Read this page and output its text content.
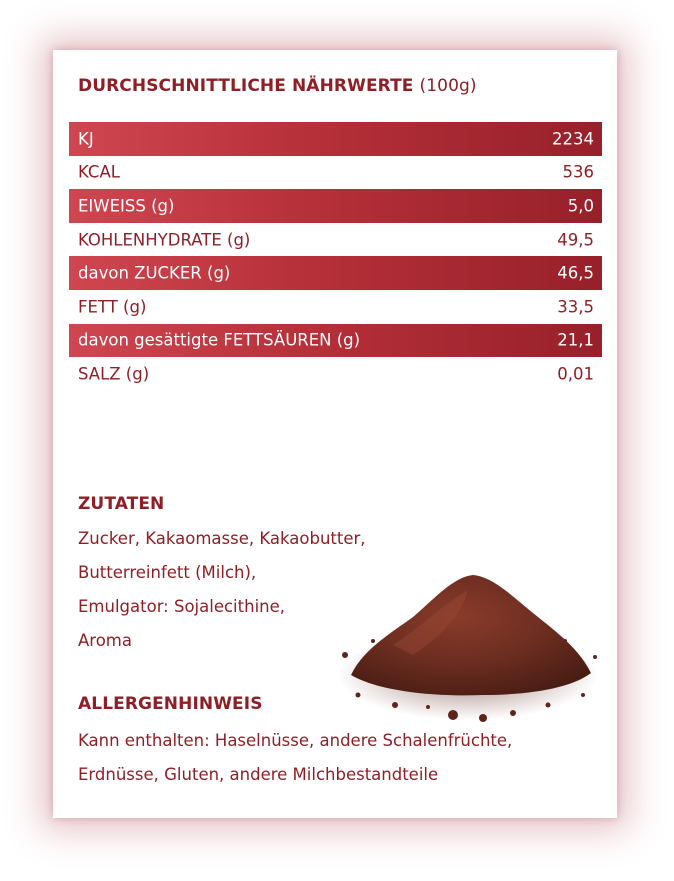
DURCHSCHNITTLICHE NÄHRWERTE (100g)
KJ	2234
KCAL	536
EIWEISS (g)	5,0
KOHLENHYDRATE (g)	49,5
davon ZUCKER (g)	46,5
FETT (g)	33,5
davon gesättigte FETTSÄUREN (g)	21,1
SALZ (g)	0,01
ZUTATEN
Zucker, Kakaomasse, Kakaobutter,
Butterreinfett (Milch),
Emulgator: Sojalecithine,
Aroma
ALLERGENHINWEIS
Kann enthalten: Haselnüsse, andere Schalenfrüchte,
Erdnüsse, Gluten, andere Milchbestandteile
